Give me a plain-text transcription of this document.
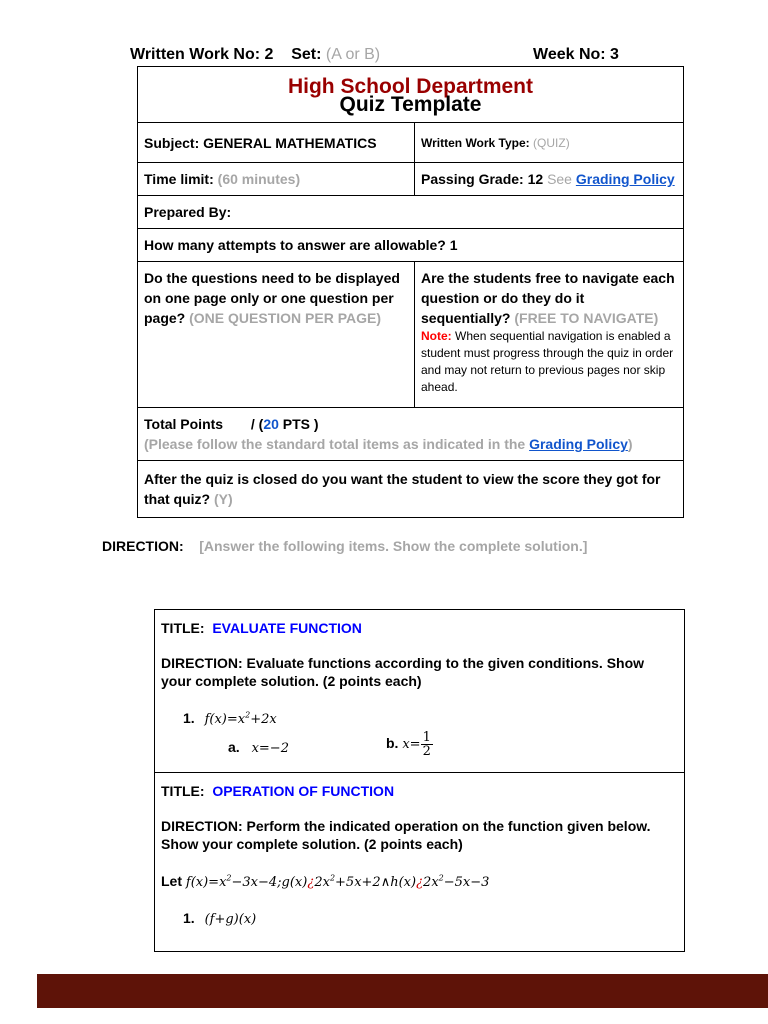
Written Work No: 2 Set: (A or B)	Week No: 3
High School Department
Quiz Template	

Subject: GENERAL MATHEMATICS	Written Work Type: (QUIZ)
Time limit: (60 minutes)	Passing Grade: 12 See Grading Policy
Prepared By:	
How many attempts to answer are allowable? 1	
Do the questions need to be displayed on one page only or one question per page? (ONE QUESTION PER PAGE)	Are the students free to navigate each question or do they do it sequentially? (FREE TO NAVIGATE)
Note: When sequential navigation is enabled a student must progress through the quiz in order and may not return to previous pages nor skip ahead.

Total Points / (20 PTS )
(Please follow the standard total items as indicated in the Grading Policy)	
After the quiz is closed do you want the student to view the score they got for that quiz? (Y)	
DIRECTION: [Answer the following items. Show the complete solution.]
TITLE: EVALUATE FUNCTION
DIRECTION: Evaluate functions according to the given conditions. Show your complete solution. (2 points each)
1. $f(x)=x^2+2x$
a. x=−2	b. $x= \frac{1}{2}$
TITLE: OPERATION OF FUNCTION
DIRECTION: Perform the indicated operation on the function given below. Show your complete solution. (2 points each)
Let $f(x)=x^2-3x-4;g(x)¿2x^2+5x+2\wedge h(x)¿2x^2-5x-3$
1. (f+g)(x)
